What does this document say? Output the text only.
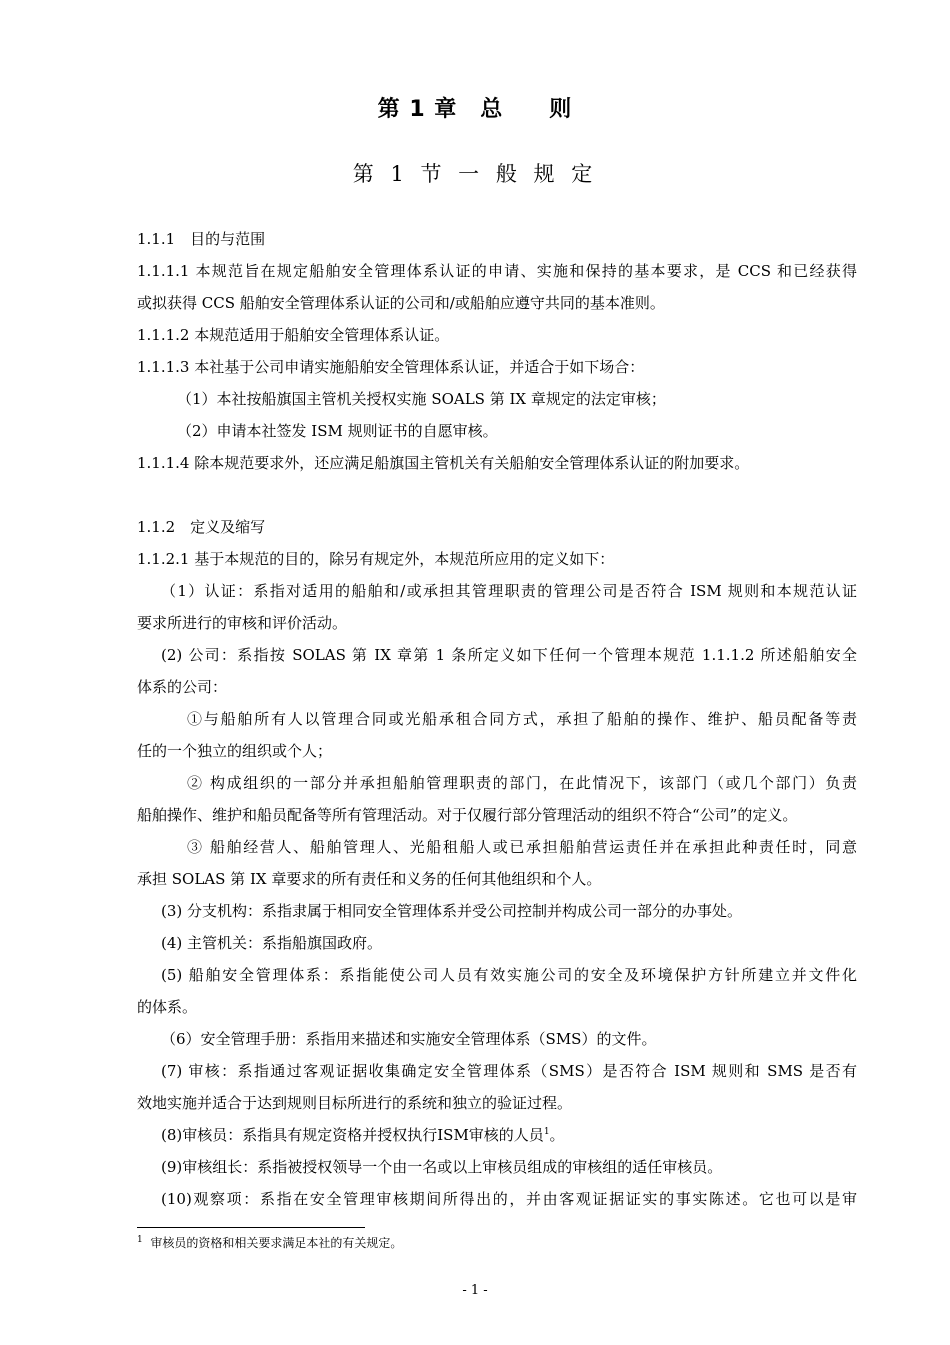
第 1 章　总　　则
第 1 节 一 般 规 定
1.1.1　目的与范围
1.1.1.1 本规范旨在规定船舶安全管理体系认证的申请、实施和保持的基本要求，是 CCS 和已经获得
或拟获得 CCS 船舶安全管理体系认证的公司和/或船舶应遵守共同的基本准则。
1.1.1.2 本规范适用于船舶安全管理体系认证。
1.1.1.3 本社基于公司申请实施船舶安全管理体系认证，并适合于如下场合：
（1）本社按船旗国主管机关授权实施 SOALS 第 IX 章规定的法定审核；
（2）申请本社签发 ISM 规则证书的自愿审核。
1.1.1.4 除本规范要求外，还应满足船旗国主管机关有关船舶安全管理体系认证的附加要求。
1.1.2　定义及缩写
1.1.2.1 基于本规范的目的，除另有规定外，本规范所应用的定义如下：
（1）认证：系指对适用的船舶和/或承担其管理职责的管理公司是否符合 ISM 规则和本规范认证
要求所进行的审核和评价活动。
(2) 公司：系指按 SOLAS 第 IX 章第 1 条所定义如下任何一个管理本规范 1.1.1.2 所述船舶安全
体系的公司：
①与船舶所有人以管理合同或光船承租合同方式，承担了船舶的操作、维护、船员配备等责
任的一个独立的组织或个人；
② 构成组织的一部分并承担船舶管理职责的部门，在此情况下，该部门（或几个部门）负责
船舶操作、维护和船员配备等所有管理活动。对于仅履行部分管理活动的组织不符合“公司”的定义。
③ 船舶经营人、船舶管理人、光船租船人或已承担船舶营运责任并在承担此种责任时，同意
承担 SOLAS 第 IX 章要求的所有责任和义务的任何其他组织和个人。
(3) 分支机构：系指隶属于相同安全管理体系并受公司控制并构成公司一部分的办事处。
(4) 主管机关：系指船旗国政府。
(5) 船舶安全管理体系：系指能使公司人员有效实施公司的安全及环境保护方针所建立并文件化
的体系。
（6）安全管理手册：系指用来描述和实施安全管理体系（SMS）的文件。
(7) 审核：系指通过客观证据收集确定安全管理体系（SMS）是否符合 ISM 规则和 SMS 是否有
效地实施并适合于达到规则目标所进行的系统和独立的验证过程。
(8)审核员：系指具有规定资格并授权执行ISM审核的人员$^1$。
(9)审核组长：系指被授权领导一个由一名或以上审核员组成的审核组的适任审核员。
(10)观察项：系指在安全管理审核期间所得出的，并由客观证据证实的事实陈述。它也可以是审
$^1$ 审核员的资格和相关要求满足本社的有关规定。
- 1 -
